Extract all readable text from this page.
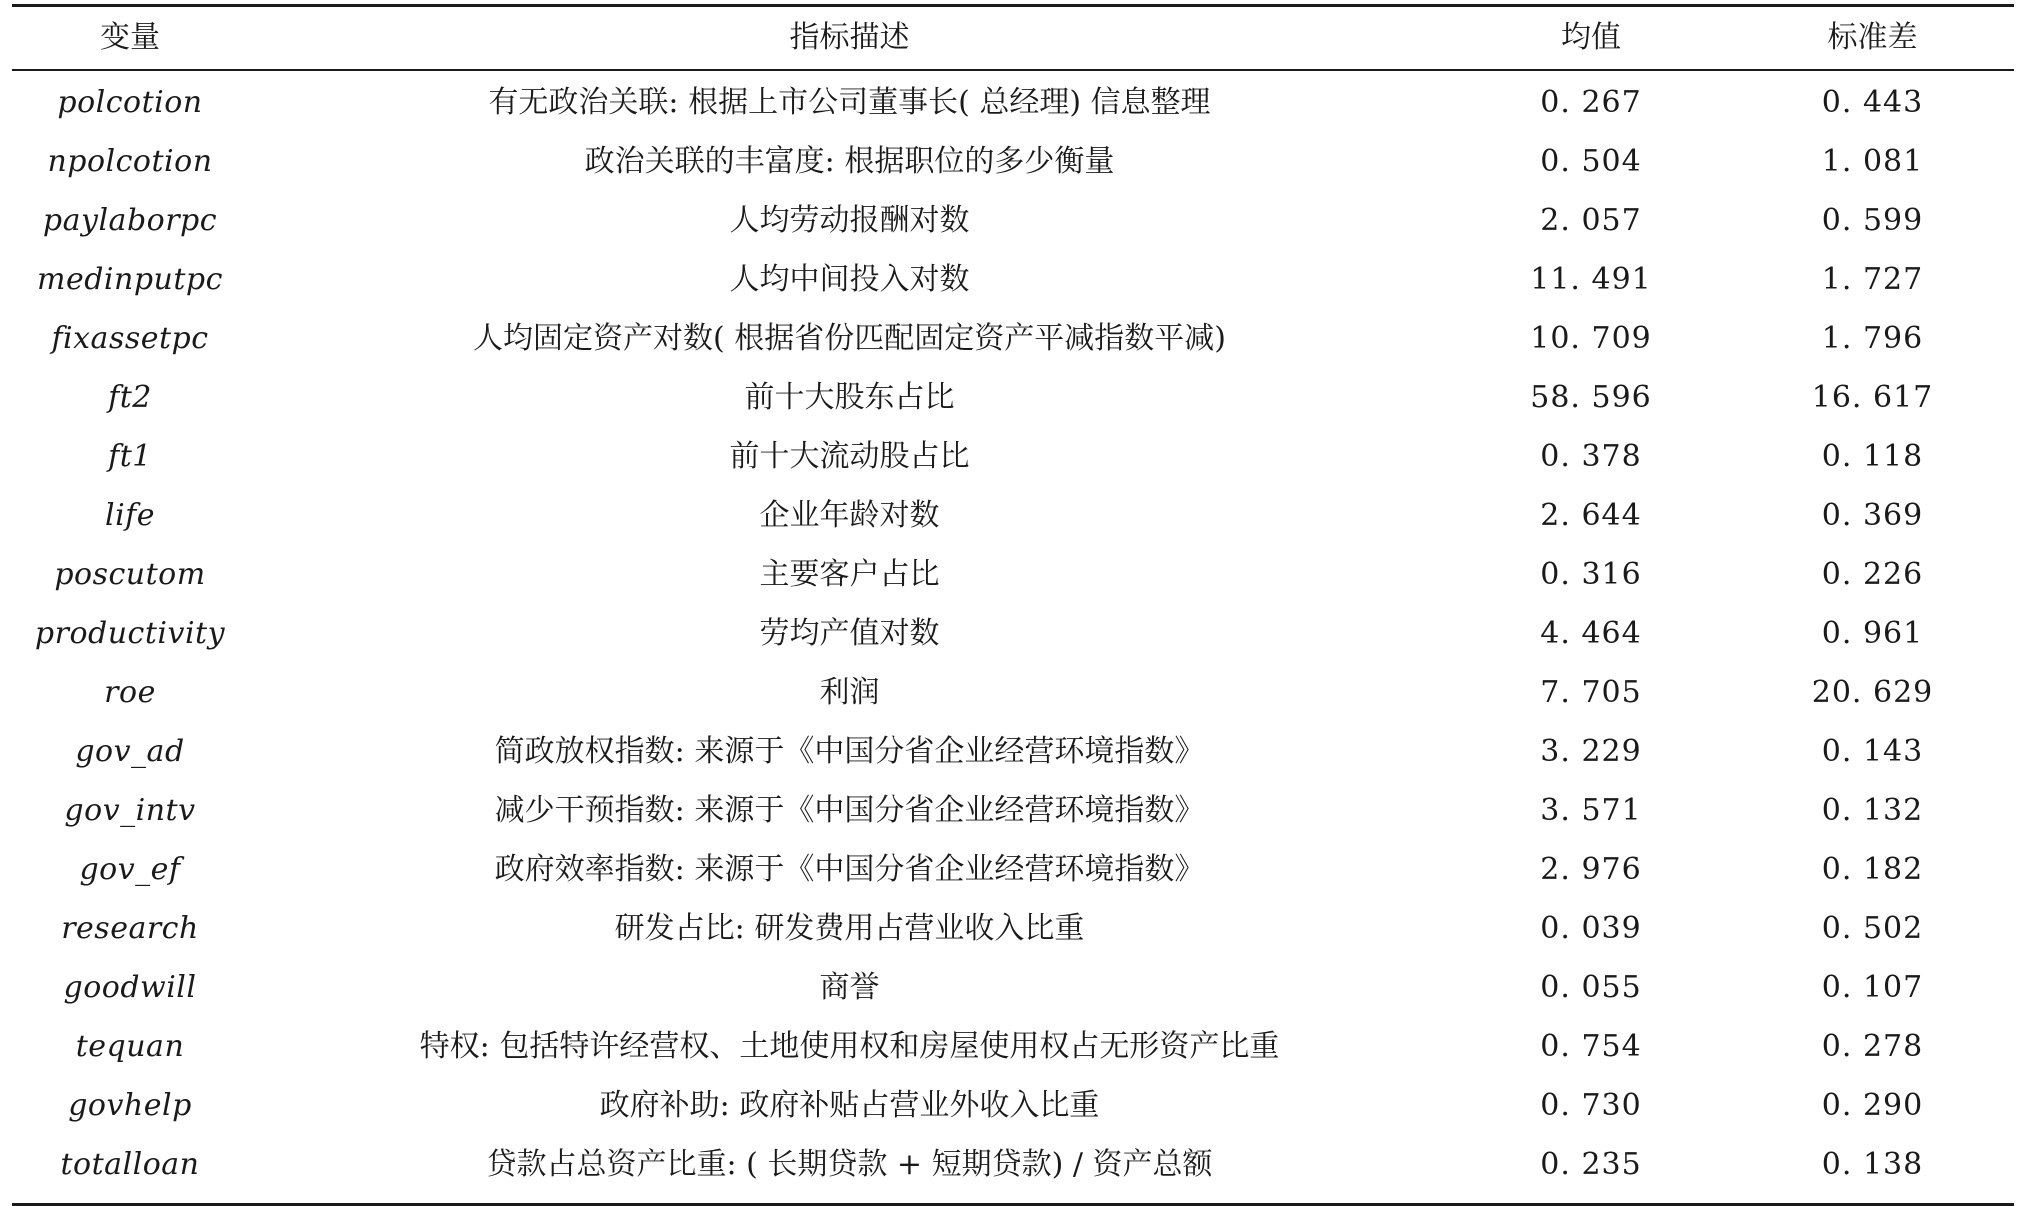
变量	指标描述	均值	标准差
polcotion	有无政治关联: 根据上市公司董事长( 总经理) 信息整理	0. 267	0. 443
npolcotion	政治关联的丰富度: 根据职位的多少衡量	0. 504	1. 081
paylaborpc	人均劳动报酬对数	2. 057	0. 599
medinputpc	人均中间投入对数	11. 491	1. 727
fixassetpc	人均固定资产对数( 根据省份匹配固定资产平减指数平减)	10. 709	1. 796
ft2	前十大股东占比	58. 596	16. 617
ft1	前十大流动股占比	0. 378	0. 118
life	企业年龄对数	2. 644	0. 369
poscutom	主要客户占比	0. 316	0. 226
productivity	劳均产值对数	4. 464	0. 961
roe	利润	7. 705	20. 629
gov_ad	简政放权指数: 来源于《中国分省企业经营环境指数》	3. 229	0. 143
gov_intv	减少干预指数: 来源于《中国分省企业经营环境指数》	3. 571	0. 132
gov_ef	政府效率指数: 来源于《中国分省企业经营环境指数》	2. 976	0. 182
research	研发占比: 研发费用占营业收入比重	0. 039	0. 502
goodwill	商誉	0. 055	0. 107
tequan	特权: 包括特许经营权、土地使用权和房屋使用权占无形资产比重	0. 754	0. 278
govhelp	政府补助: 政府补贴占营业外收入比重	0. 730	0. 290
totalloan	贷款占总资产比重: ( 长期贷款 + 短期贷款) / 资产总额	0. 235	0. 138
